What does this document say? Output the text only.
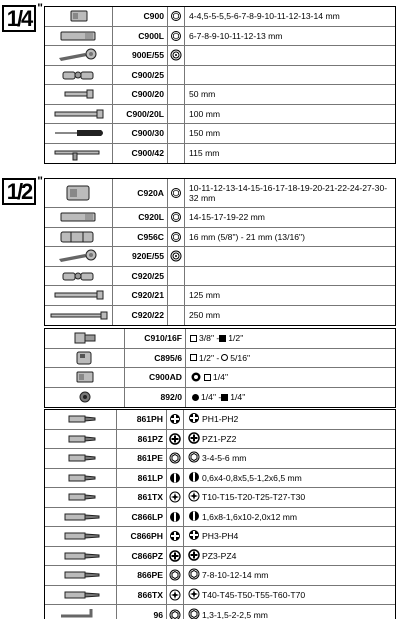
1/4 "
C900	4-4,5-5-5,5-6-7-8-9-10-11-12-13-14 mm
C900L	6-7-8-9-10-11-12-13 mm
900E/55
C900/25
C900/20	50 mm
C900/20L	100 mm
C900/30	150 mm
C900/42	115 mm
1/2 "
C920A	10-11-12-13-14-15-16-17-18-19-20-21-22-24-27-30-32 mm
C920L	14-15-17-19-22 mm
C956C	16 mm (5/8") - 21 mm (13/16")
920E/55
C920/25
C920/21	125 mm
C920/22	250 mm
C910/16F	3/8" - 1/2"
C895/6	1/2" - 5/16"
C900AD	1/4"
892/0	1/4" - 1/4"
861PH	PH1-PH2
861PZ	PZ1-PZ2
861PE	3-4-5-6 mm
861LP	0,6x4-0,8x5,5-1,2x6,5 mm
861TX	T10-T15-T20-T25-T27-T30
C866LP	1,6x8-1,6x10-2,0x12 mm
C866PH	PH3-PH4
C866PZ	PZ3-PZ4
866PE	7-8-10-12-14 mm
866TX	T40-T45-T50-T55-T60-T70
96	1,3-1,5-2-2,5 mm
